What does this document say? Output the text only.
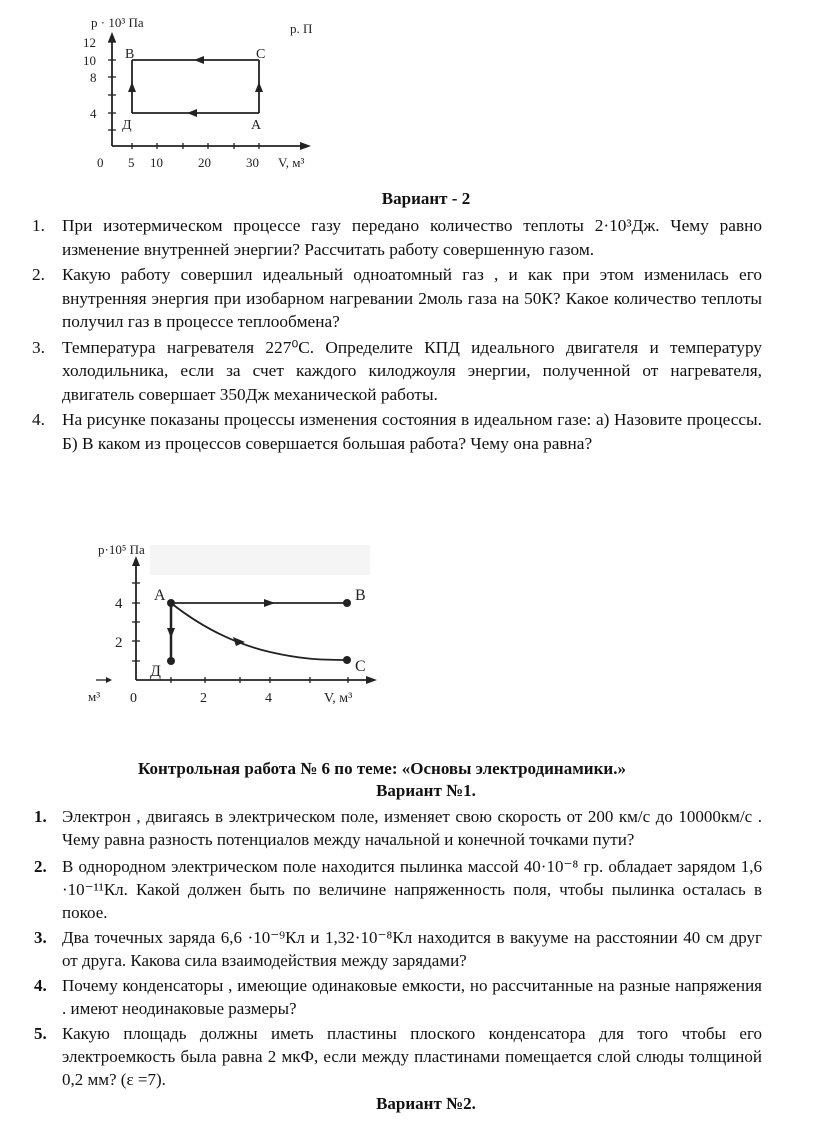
p · 10³ Па	р. П
12
10
8
4
0 5 10	20	30 V, м³
В	С
Д	А
Вариант - 2
1. При изотермическом процессе газу передано количество теплоты 2·10³Дж. Чему равно изменение внутренней энергии? Рассчитать работу совершенную газом.
2. Какую работу совершил идеальный одноатомный газ , и как при этом изменилась его внутренняя энергия при изобарном нагревании 2моль газа на 50К? Какое количество теплоты получил газ в процессе теплообмена?
3. Температура нагревателя 227⁰С. Определите КПД идеального двигателя и температуру холодильника, если за счет каждого килоджоуля энергии, полученной от нагревателя, двигатель совершает 350Дж механической работы.
4. На рисунке показаны процессы изменения состояния в идеальном газе: а) Назовите процессы. Б) В каком из процессов совершается большая работа? Чему она равна?
р·10⁵ Па
4
2
м³ 0	2	4	V, м³
А	В
С
Д
Контрольная работа № 6 по теме: «Основы электродинамики.»
Вариант №1.
1. Электрон , двигаясь в электрическом поле, изменяет свою скорость от 200 км/с до 10000км/с . Чему равна разность потенциалов между начальной и конечной точками пути?
2. В однородном электрическом поле находится пылинка массой 40·10⁻⁸ гр. обладает зарядом 1,6 ·10⁻¹¹Кл. Какой должен быть по величине напряженность поля, чтобы пылинка осталась в покое.
3. Два точечных заряда 6,6 ·10⁻⁹Кл и 1,32·10⁻⁸Кл находится в вакууме на расстоянии 40 см друг от друга. Какова сила взаимодействия между зарядами?
4. Почему конденсаторы , имеющие одинаковые емкости, но рассчитанные на разные напряжения . имеют неодинаковые размеры?
5. Какую площадь должны иметь пластины плоского конденсатора для того чтобы его электроемкость была равна 2 мкФ, если между пластинами помещается слой слюды толщиной 0,2 мм? (ε =7).
Вариант №2.
